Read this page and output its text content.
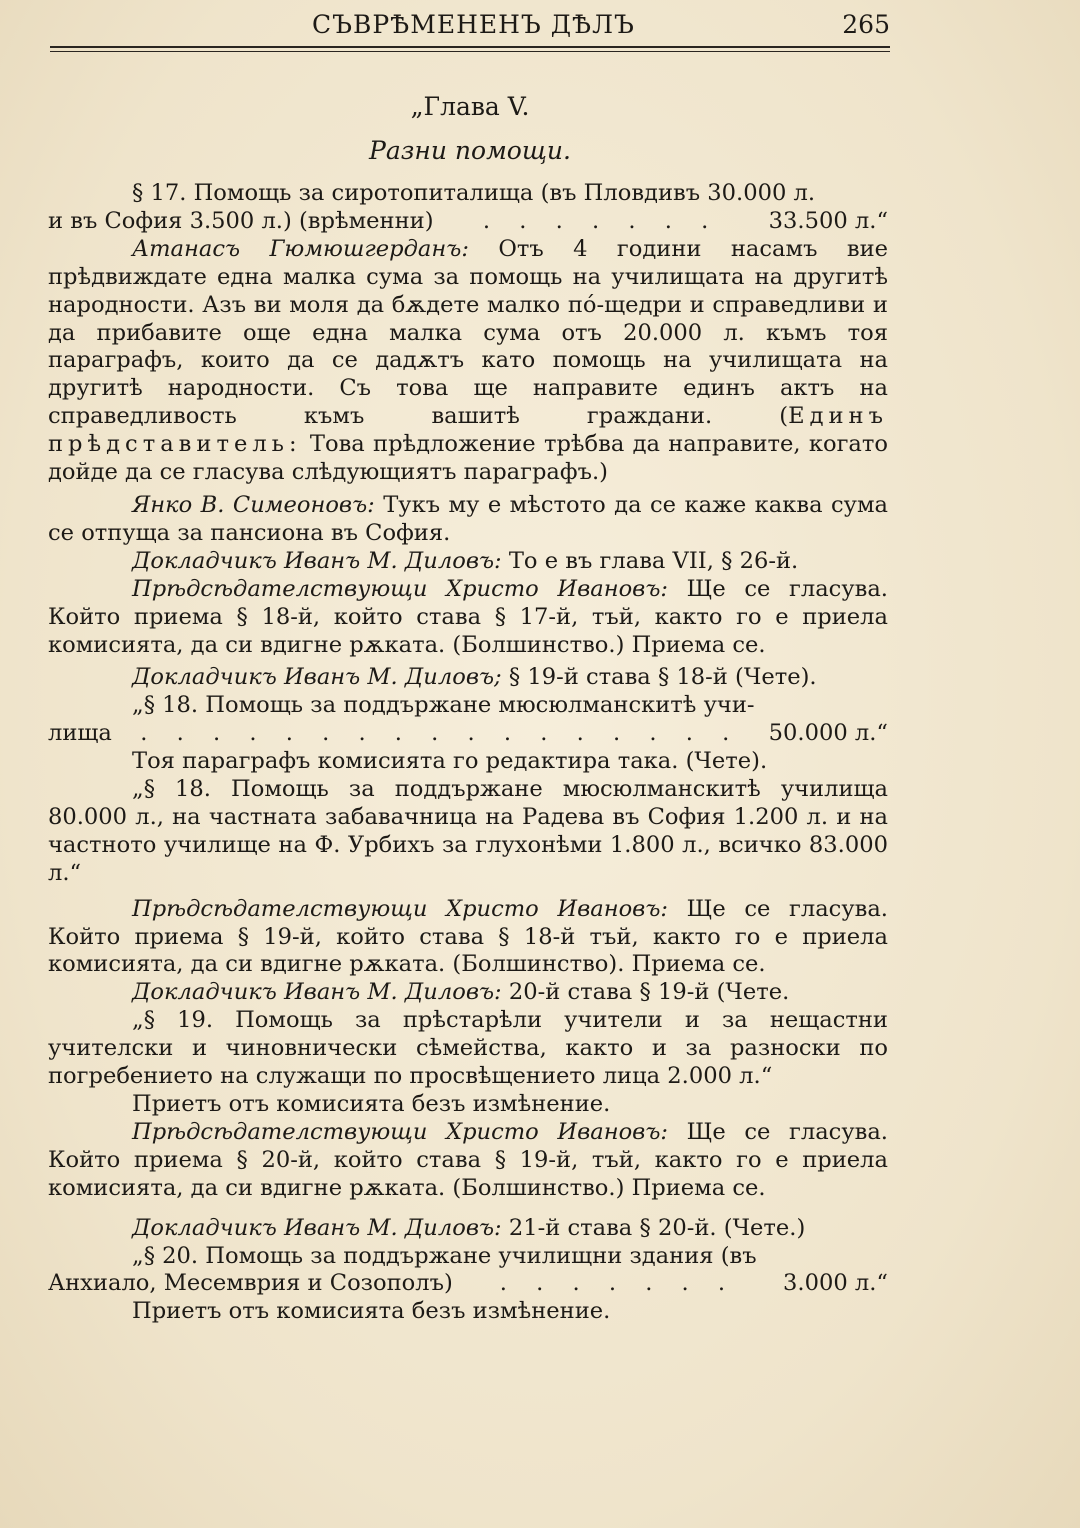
СЪВРѢМЕНЕНЪ ДѢЛЪ	265
„Глава V.
Разни помощи.

§ 17. Помощь за сиротопиталища (въ Пловдивъ 30.000 л.

и въ София 3.500 л.) (врѣменни) . . . . . . . 33.500 л.“

Атанасъ Гюмюшгерданъ: Отъ 4 години насамъ вие прѣдвиждате една малка сума за помощь на училищата на другитѣ народности. Азъ ви моля да бѫдете малко пó-щедри и справедливи и да прибавите още една малка сума отъ 20.000 л. къмъ тоя параграфъ, които да се дадѫтъ като помощь на училищата на другитѣ народности. Съ това ще направите единъ актъ на справедливость къмъ вашитѣ граждани. (Единъ прѣдставитель: Това прѣдложение трѣбва да направите, когато дойде да се гласува слѣдующиятъ параграфъ.)

Янко В. Симеоновъ: Тукъ му е мѣстото да се каже каква сума се отпуща за пансиона въ София.

Докладчикъ Иванъ М. Диловъ: То е въ глава VII, § 26-й.

Прѣдсѣдателствующи Христо Ивановъ: Ще се гласува. Който приема § 18-й, който става § 17-й, тъй, както го е приела комисията, да си вдигне рѫката. (Болшинство.) Приема се.

Докладчикъ Иванъ М. Диловъ; § 19-й става § 18-й (Чете).

„§ 18. Помощь за поддържане мюсюлманскитѣ учи-

лища . . . . . . . . . . . . . . . . . 50.000 л.“

Тоя параграфъ комисията го редактира така. (Чете).

„§ 18. Помощь за поддържане мюсюлманскитѣ училища 80.000 л., на частната забавачница на Радева въ София 1.200 л. и на частното училище на Ф. Урбихъ за глухонѣми 1.800 л., всичко 83.000 л.“

Прѣдсѣдателствующи Христо Ивановъ: Ще се гласува. Който приема § 19-й, който става § 18-й тъй, както го е приела комисията, да си вдигне рѫката. (Болшинство). Приема се.

Докладчикъ Иванъ М. Диловъ: 20-й става § 19-й (Чете.

„§ 19. Помощь за прѣстарѣли учители и за нещастни учителски и чиновнически сѣмейства, както и за разноски по погребението на служащи по просвѣщението лица 2.000 л.“

Приетъ отъ комисията безъ измѣнение.

Прѣдсѣдателствующи Христо Ивановъ: Ще се гласува. Който приема § 20-й, който става § 19-й, тъй, както го е приела комисията, да си вдигне рѫката. (Болшинство.) Приема се.

Докладчикъ Иванъ М. Диловъ: 21-й става § 20-й. (Чете.)

„§ 20. Помощь за поддържане училищни здания (въ

Анхиало, Месемврия и Созополъ) . . . . . . . 3.000 л.“

Приетъ отъ комисията безъ измѣнение.
